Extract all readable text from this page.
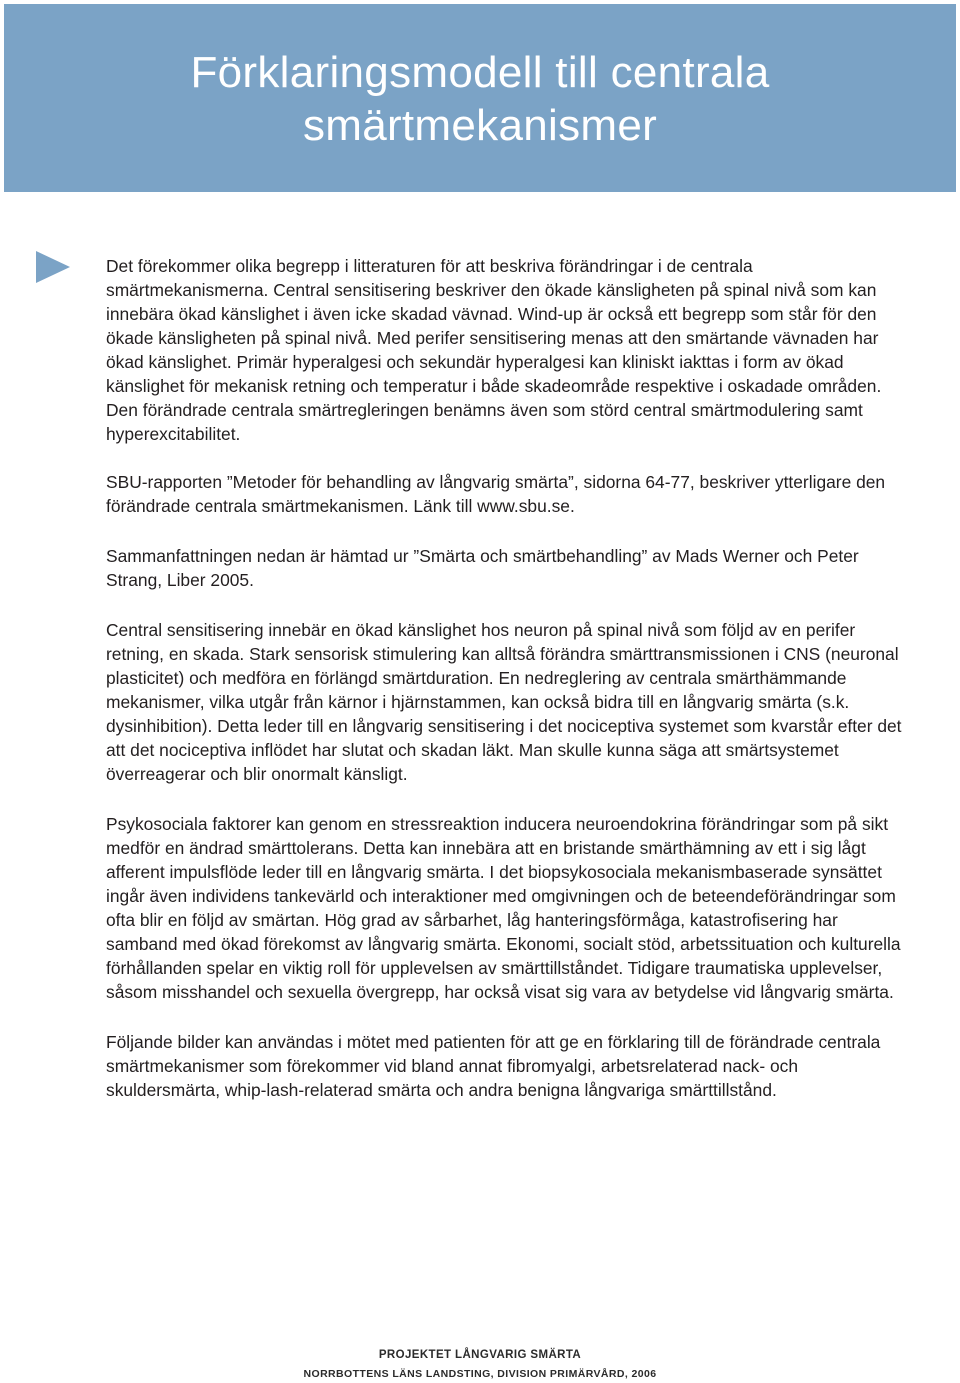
Förklaringsmodell till centrala
smärtmekanismer

Det förekommer olika begrepp i litteraturen för att beskriva förändringar i de centrala smärtmekanismerna. Central sensitisering beskriver den ökade känsligheten på spinal nivå som kan innebära ökad känslighet i även icke skadad vävnad. Wind-up är också ett begrepp som står för den ökade känsligheten på spinal nivå. Med perifer sensitisering menas att den smärtande vävnaden har ökad känslighet. Primär hyperalgesi och sekundär hyperalgesi kan kliniskt iakttas i form av ökad känslighet för mekanisk retning och temperatur i både skadeområde respektive i oskadade områden. Den förändrade centrala smärtregleringen benämns även som störd central smärtmodulering samt hyperexcitabilitet.

SBU-rapporten ”Metoder för behandling av långvarig smärta”, sidorna 64-77, beskriver ytterligare den förändrade centrala smärtmekanismen. Länk till www.sbu.se.

Sammanfattningen nedan är hämtad ur ”Smärta och smärtbehandling” av Mads Werner och Peter Strang, Liber 2005.

Central sensitisering innebär en ökad känslighet hos neuron på spinal nivå som följd av en perifer retning, en skada. Stark sensorisk stimulering kan alltså förändra smärttransmissionen i CNS (neuronal plasticitet) och medföra en förlängd smärtduration. En nedreglering av centrala smärthämmande mekanismer, vilka utgår från kärnor i hjärnstammen, kan också bidra till en långvarig smärta (s.k. dysinhibition). Detta leder till en långvarig sensitisering i det nociceptiva systemet som kvarstår efter det att det nociceptiva inflödet har slutat och skadan läkt. Man skulle kunna säga att smärtsystemet överreagerar och blir onormalt känsligt.

Psykosociala faktorer kan genom en stressreaktion inducera neuroendokrina förändringar som på sikt medför en ändrad smärttolerans. Detta kan innebära att en bristande smärthämning av ett i sig lågt afferent impulsflöde leder till en långvarig smärta. I det biopsykosociala mekanismbaserade synsättet ingår även individens tankevärld och interaktioner med omgivningen och de beteendeförändringar som ofta blir en följd av smärtan. Hög grad av sårbarhet, låg hanteringsförmåga, katastrofisering har samband med ökad förekomst av långvarig smärta. Ekonomi, socialt stöd, arbetssituation och kulturella förhållanden spelar en viktig roll för upplevelsen av smärttillståndet. Tidigare traumatiska upplevelser, såsom misshandel och sexuella övergrepp, har också visat sig vara av betydelse vid långvarig smärta.

Följande bilder kan användas i mötet med patienten för att ge en förklaring till de förändrade centrala smärtmekanismer som förekommer vid bland annat fibromyalgi, arbetsrelaterad nack- och skuldersmärta, whip-lash-relaterad smärta och andra benigna långvariga smärttillstånd.

PROJEKTET LÅNGVARIG SMÄRTA
NORRBOTTENS LÄNS LANDSTING, DIVISION PRIMÄRVÅRD, 2006
